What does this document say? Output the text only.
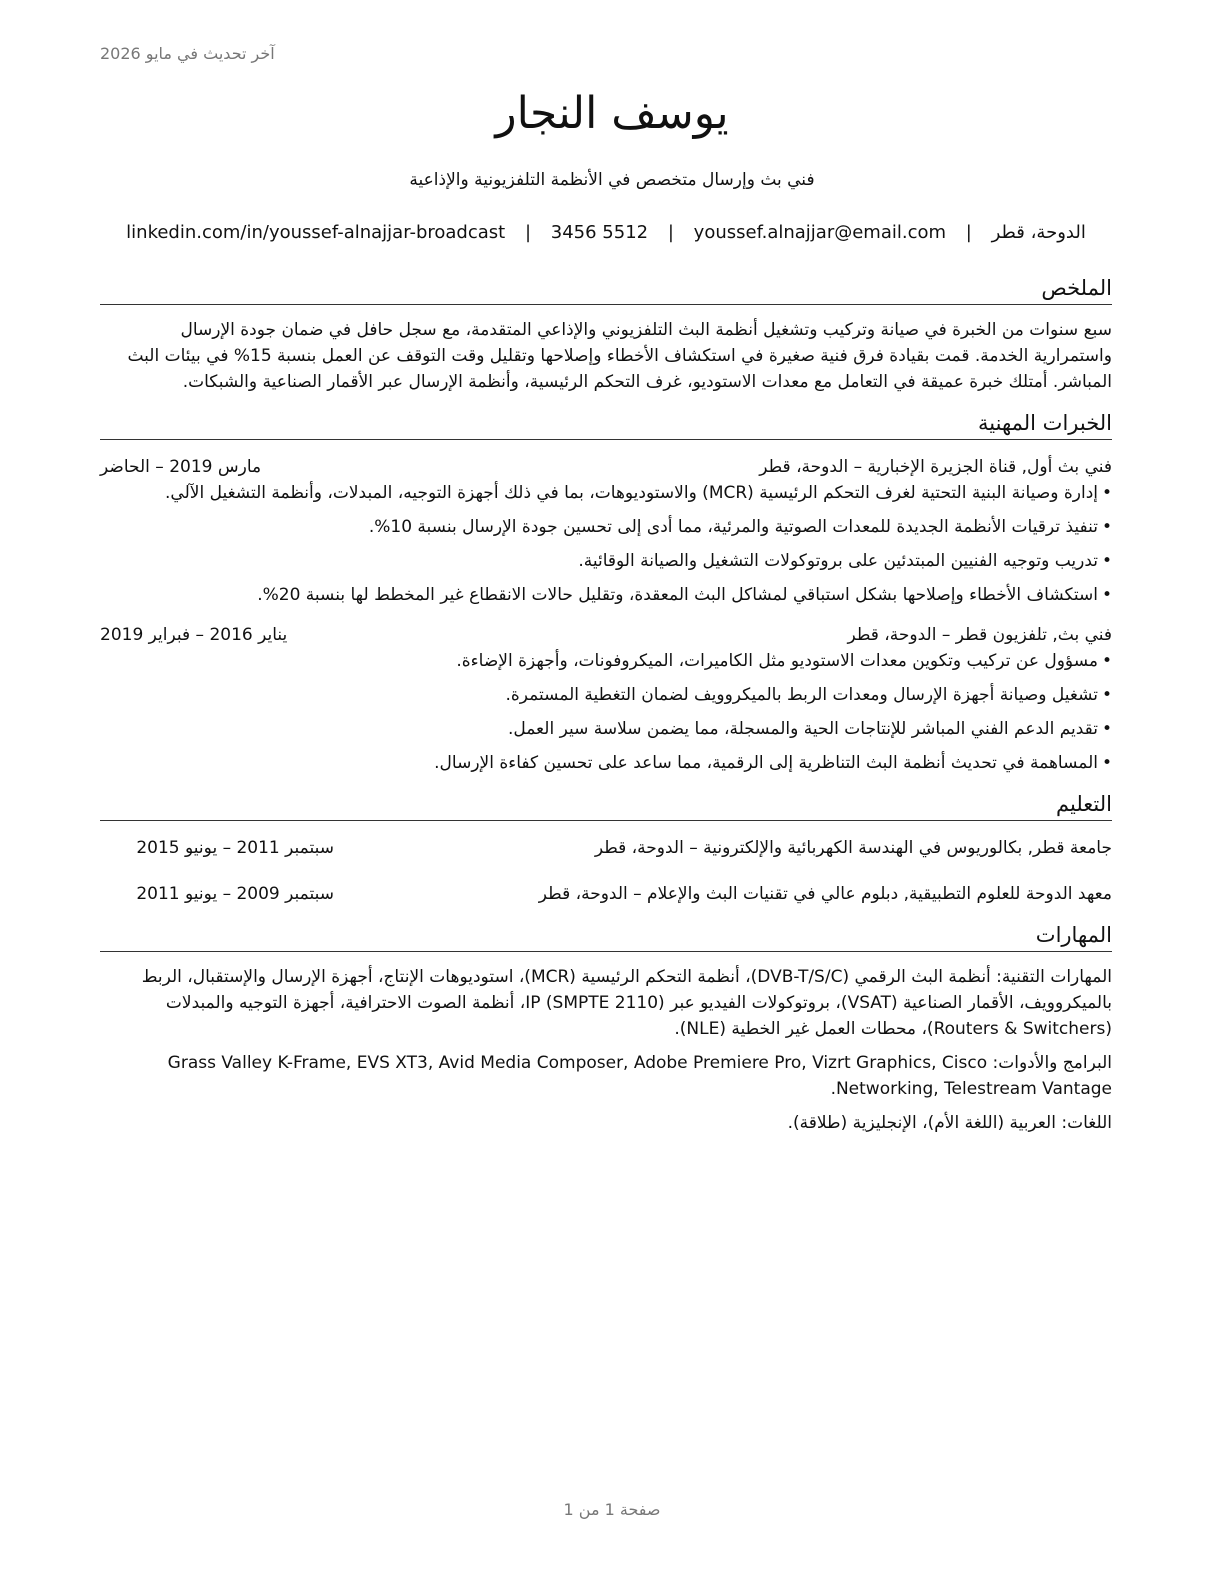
آخر تحديث في مايو 2026
يوسف النجار
فني بث وإرسال متخصص في الأنظمة التلفزيونية والإذاعية
linkedin.com/in/youssef-alnajjar-broadcast | 3456 5512 | youssef.alnajjar@email.com | الدوحة، قطر
الملخص

سبع سنوات من الخبرة في صيانة وتركيب وتشغيل أنظمة البث التلفزيوني والإذاعي المتقدمة، مع سجل حافل في ضمان جودة الإرسال واستمرارية الخدمة. قمت بقيادة فرق فنية صغيرة في استكشاف الأخطاء وإصلاحها وتقليل وقت التوقف عن العمل بنسبة 15% في بيئات البث المباشر. أمتلك خبرة عميقة في التعامل مع معدات الاستوديو، غرف التحكم الرئيسية، وأنظمة الإرسال عبر الأقمار الصناعية والشبكات.

الخبرات المهنية
فني بث أول, قناة الجزيرة الإخبارية – الدوحة، قطر
مارس 2019 – الحاضر
• إدارة وصيانة البنية التحتية لغرف التحكم الرئيسية (MCR) والاستوديوهات، بما في ذلك أجهزة التوجيه، المبدلات، وأنظمة التشغيل الآلي.
• تنفيذ ترقيات الأنظمة الجديدة للمعدات الصوتية والمرئية، مما أدى إلى تحسين جودة الإرسال بنسبة 10%.
• تدريب وتوجيه الفنيين المبتدئين على بروتوكولات التشغيل والصيانة الوقائية.
• استكشاف الأخطاء وإصلاحها بشكل استباقي لمشاكل البث المعقدة، وتقليل حالات الانقطاع غير المخطط لها بنسبة 20%.
فني بث, تلفزيون قطر – الدوحة، قطر
يناير 2016 – فبراير 2019
• مسؤول عن تركيب وتكوين معدات الاستوديو مثل الكاميرات، الميكروفونات، وأجهزة الإضاءة.
• تشغيل وصيانة أجهزة الإرسال ومعدات الربط بالميكروويف لضمان التغطية المستمرة.
• تقديم الدعم الفني المباشر للإنتاجات الحية والمسجلة، مما يضمن سلاسة سير العمل.
• المساهمة في تحديث أنظمة البث التناظرية إلى الرقمية، مما ساعد على تحسين كفاءة الإرسال.
التعليم
جامعة قطر, بكالوريوس في الهندسة الكهربائية والإلكترونية – الدوحة، قطر
سبتمبر 2011 – يونيو 2015
معهد الدوحة للعلوم التطبيقية, دبلوم عالي في تقنيات البث والإعلام – الدوحة، قطر
سبتمبر 2009 – يونيو 2011
المهارات

المهارات التقنية: أنظمة البث الرقمي (DVB-T/S/C)، أنظمة التحكم الرئيسية (MCR)، استوديوهات الإنتاج، أجهزة الإرسال والإستقبال، الربط بالميكروويف، الأقمار الصناعية (VSAT)، بروتوكولات الفيديو عبر IP (SMPTE 2110)، أنظمة الصوت الاحترافية، أجهزة التوجيه والمبدلات (Routers & Switchers)، محطات العمل غير الخطية (NLE).

البرامج والأدوات: Grass Valley K-Frame, EVS XT3, Avid Media Composer, Adobe Premiere Pro, Vizrt Graphics, Cisco Networking, Telestream Vantage.

اللغات: العربية (اللغة الأم)، الإنجليزية (طلاقة).

صفحة 1 من 1
